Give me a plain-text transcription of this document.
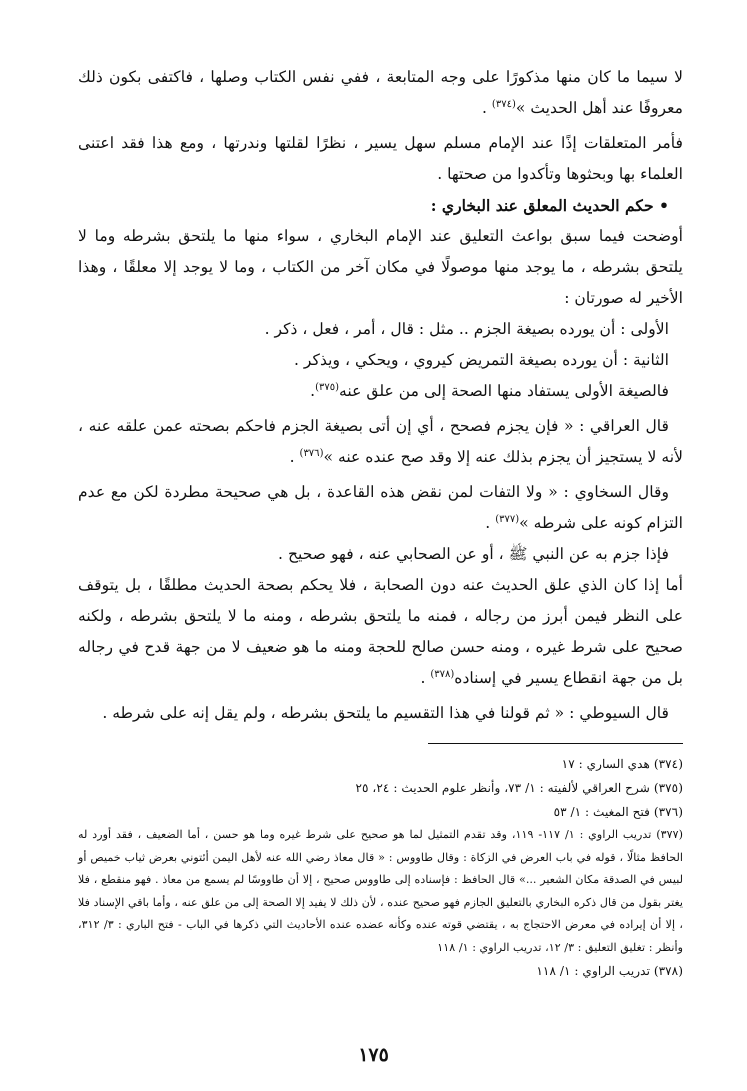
لا سيما ما كان منها مذكورًا على وجه المتابعة ، ففي نفس الكتاب وصلها ، فاكتفى بكون ذلك معروفًا عند أهل الحديث »$^{(٣٧٤)}$ .

فأمر المتعلقات إذًا عند الإمام مسلم سهل يسير ، نظرًا لقلتها وندرتها ، ومع هذا فقد اعتنى العلماء بها وبحثوها وتأكدوا من صحتها .

• حكم الحديث المعلق عند البخاري :

أوضحت فيما سبق بواعث التعليق عند الإمام البخاري ، سواء منها ما يلتحق بشرطه وما لا يلتحق بشرطه ، ما يوجد منها موصولًا في مكان آخر من الكتاب ، وما لا يوجد إلا معلقًا ، وهذا الأخير له صورتان :

الأولى : أن يورده بصيغة الجزم .. مثل : قال ، أمر ، فعل ، ذكر .

الثانية : أن يورده بصيغة التمريض كيروي ، ويحكي ، ويذكر .

فالصيغة الأولى يستفاد منها الصحة إلى من علق عنه$^{(٣٧٥)}$.

قال العراقي : « فإن يجزم فصحح ، أي إن أتى بصيغة الجزم فاحكم بصحته عمن علقه عنه ، لأنه لا يستجيز أن يجزم بذلك عنه إلا وقد صح عنده عنه »$^{(٣٧٦)}$ .

وقال السخاوي : « ولا التفات لمن نقض هذه القاعدة ، بل هي صحيحة مطردة لكن مع عدم التزام كونه على شرطه »$^{(٣٧٧)}$ .

فإذا جزم به عن النبي ﷺ ، أو عن الصحابي عنه ، فهو صحيح .

أما إذا كان الذي علق الحديث عنه دون الصحابة ، فلا يحكم بصحة الحديث مطلقًا ، بل يتوقف على النظر فيمن أبرز من رجاله ، فمنه ما يلتحق بشرطه ، ومنه ما لا يلتحق بشرطه ، ولكنه صحيح على شرط غيره ، ومنه حسن صالح للحجة ومنه ما هو ضعيف لا من جهة قدح في رجاله بل من جهة انقطاع يسير في إسناده$^{(٣٧٨)}$ .

قال السيوطي : « ثم قولنا في هذا التقسيم ما يلتحق بشرطه ، ولم يقل إنه على شرطه .

(٣٧٤) هدي الساري : ١٧

(٣٧٥) شرح العراقي لألفيته : ١/ ٧٣، وأنظر علوم الحديث : ٢٤، ٢٥

(٣٧٦) فتح المغيث : ١/ ٥٣

(٣٧٧) تدريب الراوي : ١/ ١١٧- ١١٩، وقد تقدم التمثيل لما هو صحيح على شرط غيره وما هو حسن ، أما الضعيف ، فقد أورد له الحافظ مثالًا ، قوله في باب العرض في الزكاة : وقال طاووس : « قال معاذ رضي الله عنه لأهل اليمن أئتوني بعرض ثياب خميص أو لبيس في الصدقة مكان الشعير ...» قال الحافظ : فإسناده إلى طاووس صحيح ، إلا أن طاووسًا لم يسمع من معاذ . فهو منقطع ، فلا يغتر بقول من قال ذكره البخاري بالتعليق الجازم فهو صحيح عنده ، لأن ذلك لا يفيد إلا الصحة إلى من علق عنه ، وأما باقي الإسناد فلا ، إلا أن إيراده في معرض الاحتجاج به ، يقتضي قوته عنده وكأنه عضده عنده الأحاديث التي ذكرها في الباب - فتح الباري : ٣/ ٣١٢، وأنظر : تغليق التعليق : ٣/ ١٢، تدريب الراوي : ١/ ١١٨

(٣٧٨) تدريب الراوي : ١/ ١١٨

١٧٥
